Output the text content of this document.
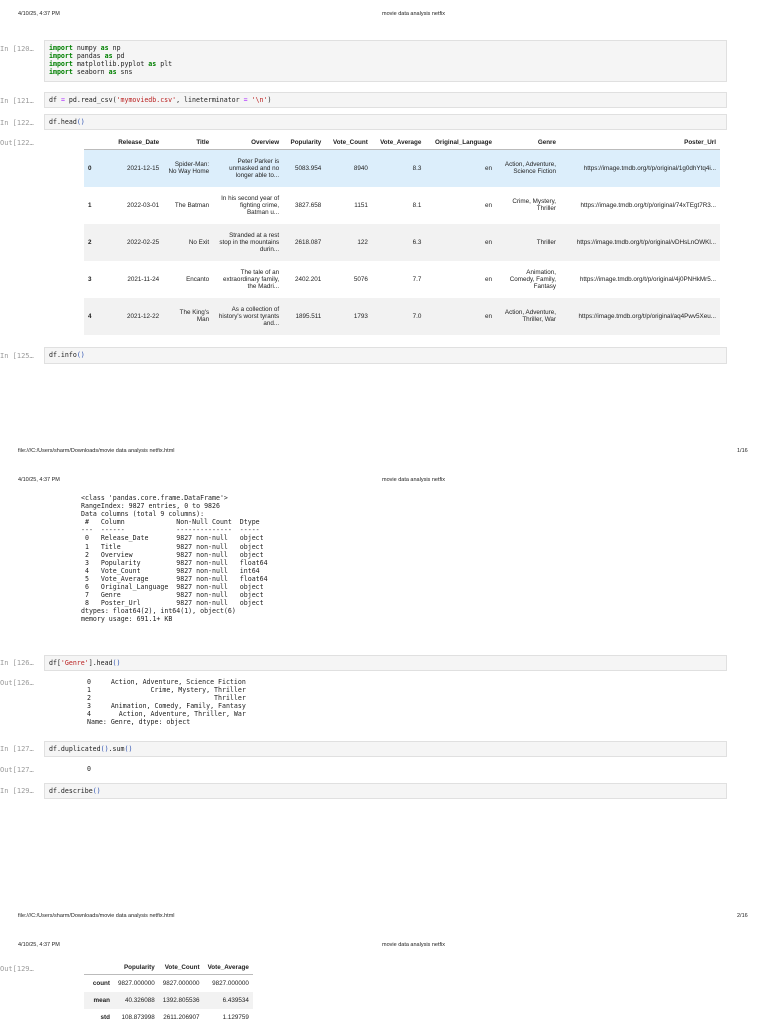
4/10/25, 4:37 PM	movie data analysis netfix
In [120…	import numpy as np
import pandas as pd
import matplotlib.pyplot as plt
import seaborn as sns
In [121…	df = pd.read_csv('mymoviedb.csv', lineterminator = '\n')
In [122…	df.head()
Out[122…
		Release_Date	Title	Overview	Popularity	Vote_Count	Vote_Average	Original_Language	Genre	Poster_Url
0	2021-12-15	Spider-Man: No Way Home	Peter Parker is unmasked and no longer able to...	5083.954	8940	8.3	en	Action, Adventure, Science Fiction	https://image.tmdb.org/t/p/original/1g0dhYtq4i...
1	2022-03-01	The Batman	In his second year of fighting crime, Batman u...	3827.658	1151	8.1	en	Crime, Mystery, Thriller	https://image.tmdb.org/t/p/original/74xTEgt7R3...
2	2022-02-25	No Exit	Stranded at a rest stop in the mountains durin...	2618.087	122	6.3	en	Thriller	https://image.tmdb.org/t/p/original/vDHsLnOWKl...
3	2021-11-24	Encanto	The tale of an extraordinary family, the Madri...	2402.201	5076	7.7	en	Animation, Comedy, Family, Fantasy	https://image.tmdb.org/t/p/original/4j0PNHkMr5...
4	2021-12-22	The King's Man	As a collection of history's worst tyrants and...	1895.511	1793	7.0	en	Action, Adventure, Thriller, War	https://image.tmdb.org/t/p/original/aq4Pwv5Xeu...
In [125…	df.info()
file:///C:/Users/sharm/Downloads/movie data analysis netfix.html	1/16
4/10/25, 4:37 PM	movie data analysis netfix
<class 'pandas.core.frame.DataFrame'>
RangeIndex: 9827 entries, 0 to 9826
Data columns (total 9 columns):
#   Column             Non-Null Count  Dtype
---  ------             --------------  -----
0   Release_Date       9827 non-null   object
1   Title              9827 non-null   object
2   Overview           9827 non-null   object
3   Popularity         9827 non-null   float64
4   Vote_Count         9827 non-null   int64
5   Vote_Average       9827 non-null   float64
6   Original_Language  9827 non-null   object
7   Genre              9827 non-null   object
8   Poster_Url         9827 non-null   object
dtypes: float64(2), int64(1), object(6)
memory usage: 691.1+ KB
In [126…	df['Genre'].head()
Out[126…	0     Action, Adventure, Science Fiction
1               Crime, Mystery, Thriller
2                               Thriller
3     Animation, Comedy, Family, Fantasy
4       Action, Adventure, Thriller, War
Name: Genre, dtype: object
In [127…	df.duplicated().sum()
Out[127…	0
In [129…	df.describe()
file:///C:/Users/sharm/Downloads/movie data analysis netfix.html	2/16
4/10/25, 4:37 PM	movie data analysis netfix
Out[129…
		Popularity	Vote_Count	Vote_Average
count	9827.000000	9827.000000	9827.000000
mean	40.326088	1392.805536	6.439534
std	108.873998	2611.206907	1.129759
